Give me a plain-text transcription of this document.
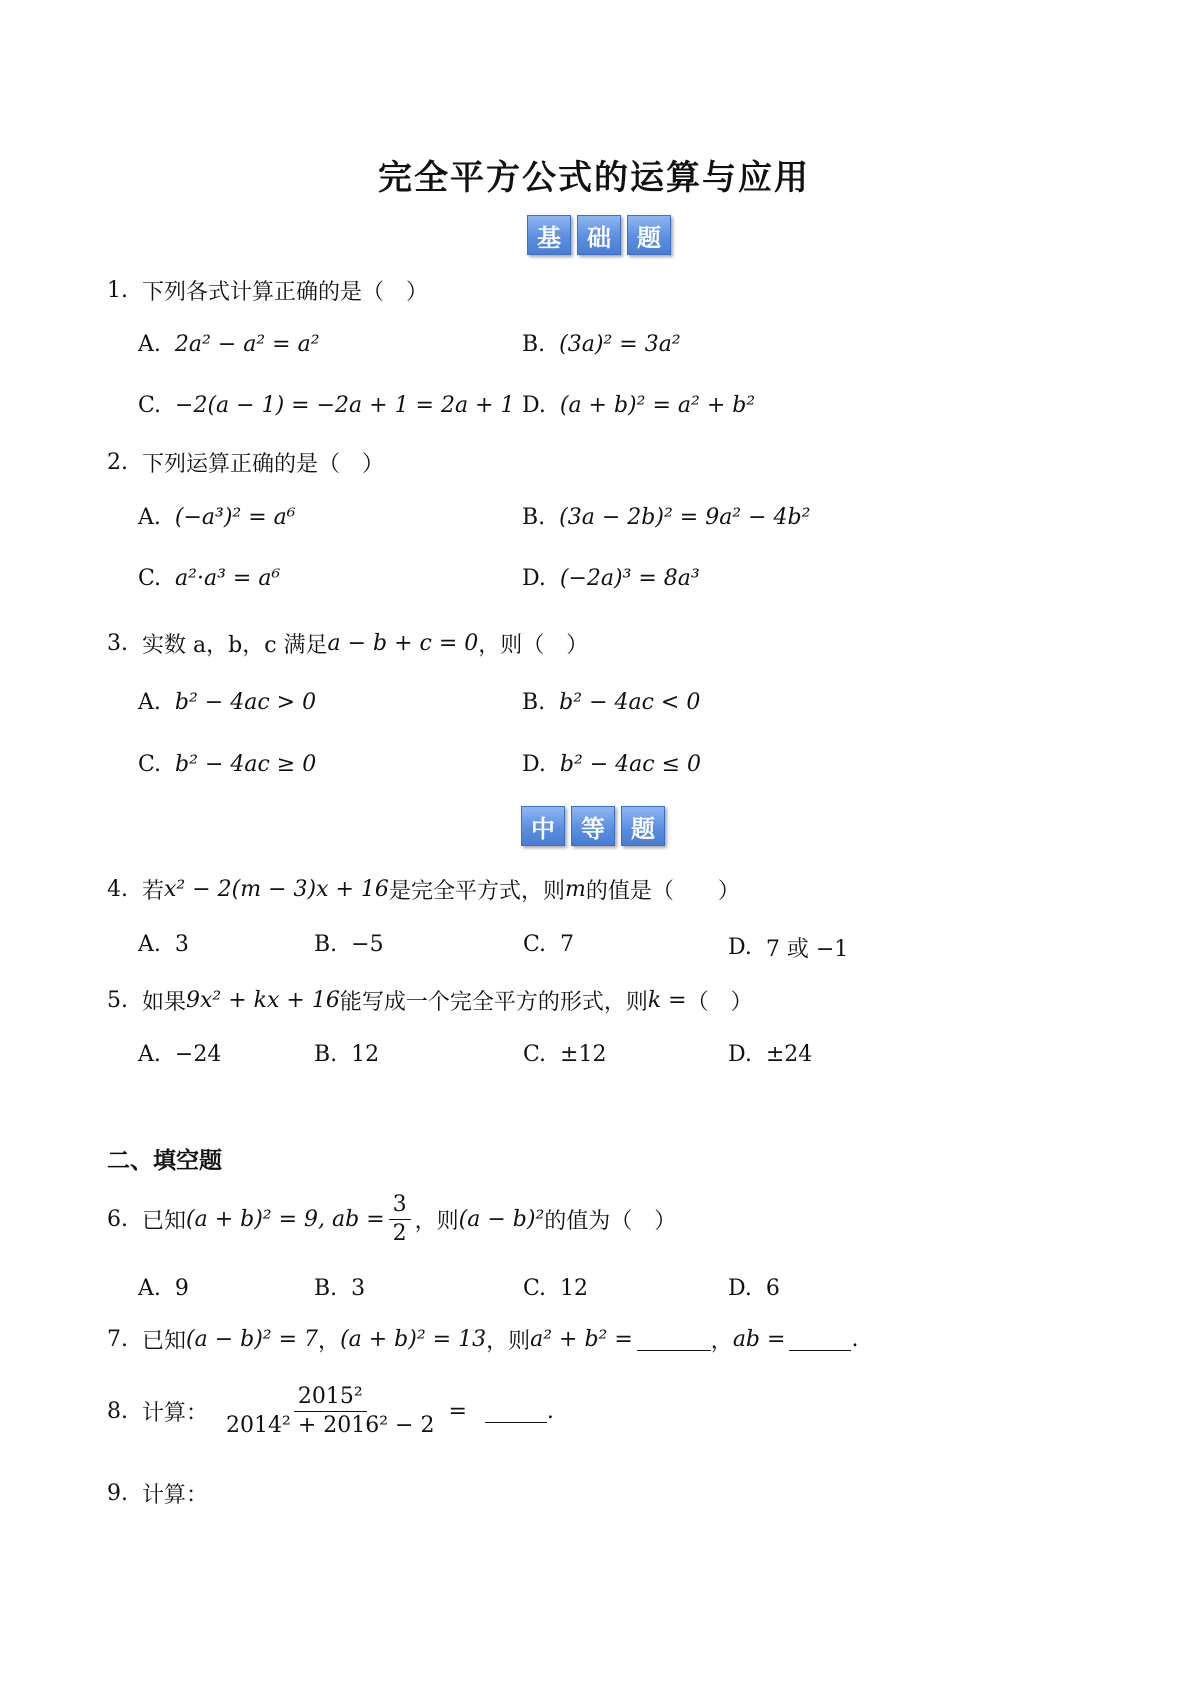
完全平方公式的运算与应用
基	础	题
1. 下列各式计算正确的是（　）
A. 2a² − a² = a²	B. (3a)² = 3a²
C. −2(a − 1) = −2a + 1 = 2a + 1 D. (a + b)² = a² + b²
2. 下列运算正确的是（　）
A. (−a³)² = a⁶	B. (3a − 2b)² = 9a² − 4b²
C. a²·a³ = a⁶	D. (−2a)³ = 8a³
3. 实数 a，b，c 满足 a − b + c = 0 ，则（　）
A. b² − 4ac > 0	B. b² − 4ac < 0
C. b² − 4ac ≥ 0	D. b² − 4ac ≤ 0
中	等	题
4. 若 x² − 2(m − 3)x + 16 是完全平方式，则 m 的值是（　　）
A. 3	B. −5	C. 7	D. 7 或 −1
5. 如果 9x² + kx + 16 能写成一个完全平方的形式，则 k = （　）
A. −24	B. 12	C. ±12	D. ±24
二、填空题
6. 已知 (a + b)² = 9, ab = $\frac{3}{2}$ ，则 (a − b)² 的值为（　）
A. 9	B. 3	C. 12	D. 6
7. 已知 (a − b)² = 7 ， (a + b)² = 13 ，则 a² + b² =	， ab =	.
8. 计算： $\frac{\text{2015²}}{\text{2014² + 2016² − 2}}$ =	.
9. 计算：
